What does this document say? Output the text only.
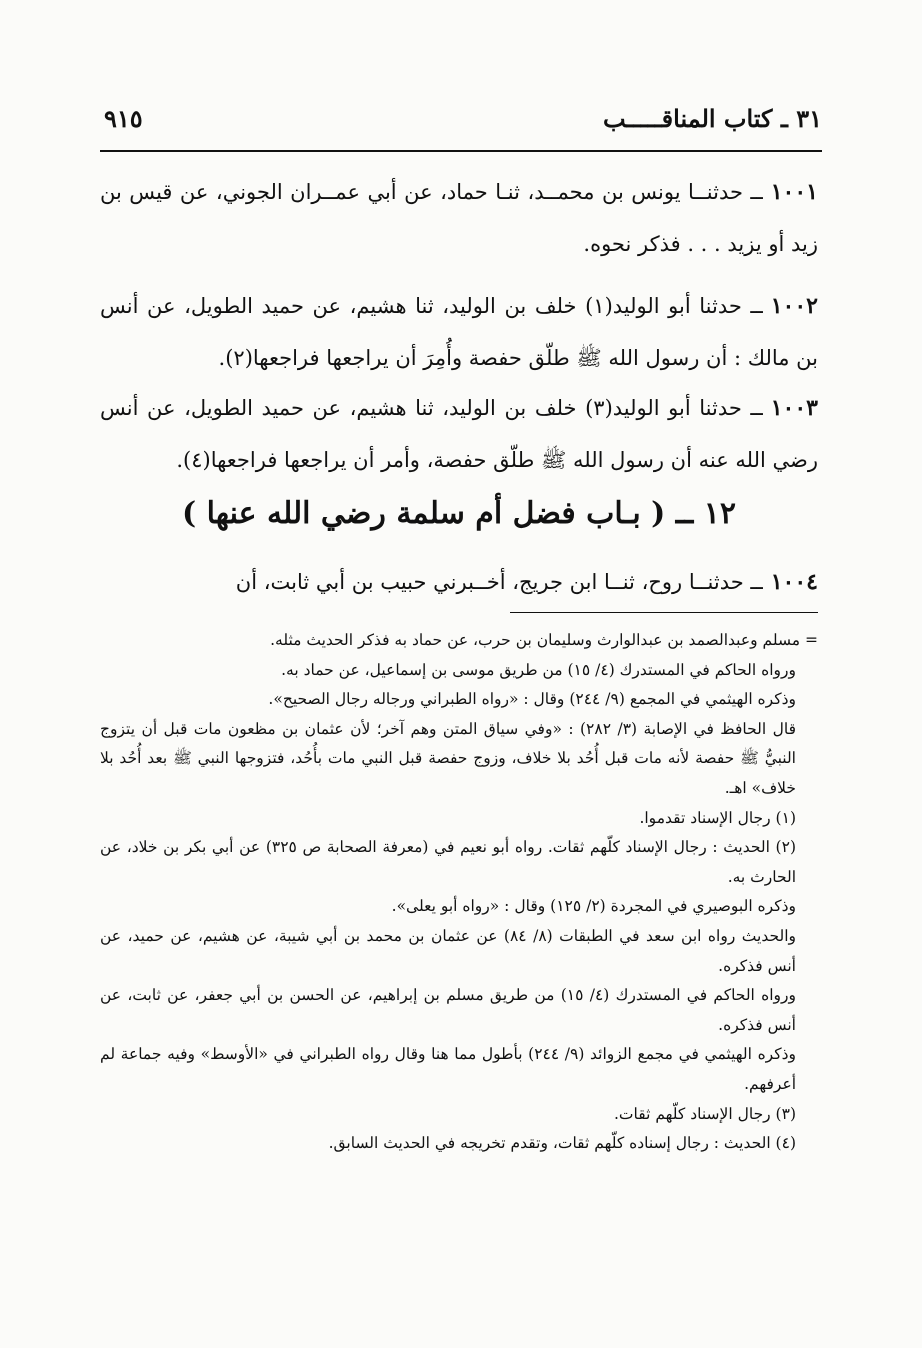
٣١ ـ كتاب المناقـــــب
٩١٥

١٠٠١ــ حدثنــا يونس بن محمــد، ثنـا حماد، عن أبي عمــران الجوني، عن قيس بن زيد أو يزيد . . . فذكر نحوه.

١٠٠٢ــ حدثنا أبو الوليد(١) خلف بن الوليد، ثنا هشيم، عن حميد الطويل، عن أنس بن مالك : أن رسول الله ﷺ طلّق حفصة وأُمِرَ أن يراجعها فراجعها(٢).

١٠٠٣ــ حدثنا أبو الوليد(٣) خلف بن الوليد، ثنا هشيم، عن حميد الطويل، عن أنس رضي الله عنه أن رسول الله ﷺ طلّق حفصة، وأمر أن يراجعها فراجعها(٤).

١٢ ــ ( بـاب فضل أم سلمة رضي الله عنها )

١٠٠٤ــ حدثنــا روح، ثنــا ابن جريج، أخــبرني حبيب بن أبي ثابت، أن

= مسلم وعبدالصمد بن عبدالوارث وسليمان بن حرب، عن حماد به فذكر الحديث مثله.

ورواه الحاكم في المستدرك (٤/ ١٥) من طريق موسى بن إسماعيل، عن حماد به.

وذكره الهيثمي في المجمع (٩/ ٢٤٤) وقال : «رواه الطبراني ورجاله رجال الصحيح».

قال الحافظ في الإصابة (٣/ ٢٨٢) : «وفي سياق المتن وهم آخر؛ لأن عثمان بن مظعون مات قبل أن يتزوج النبيُّ ﷺ حفصة لأنه مات قبل أُحُد بلا خلاف، وزوج حفصة قبل النبي مات بأُحُد، فتزوجها النبي ﷺ بعد أُحُد بلا خلاف» اهـ.

(١) رجال الإسناد تقدموا.

(٢) الحديث : رجال الإسناد كلّهم ثقات. رواه أبو نعيم في (معرفة الصحابة ص ٣٢٥) عن أبي بكر بن خلاد، عن الحارث به.

وذكره البوصيري في المجردة (٢/ ١٢٥) وقال : «رواه أبو يعلى».

والحديث رواه ابن سعد في الطبقات (٨/ ٨٤) عن عثمان بن محمد بن أبي شيبة، عن هشيم، عن حميد، عن أنس فذكره.

ورواه الحاكم في المستدرك (٤/ ١٥) من طريق مسلم بن إبراهيم، عن الحسن بن أبي جعفر، عن ثابت، عن أنس فذكره.

وذكره الهيثمي في مجمع الزوائد (٩/ ٢٤٤) بأطول مما هنا وقال رواه الطبراني في «الأوسط» وفيه جماعة لم أعرفهم.

(٣) رجال الإسناد كلّهم ثقات.

(٤) الحديث : رجال إسناده كلّهم ثقات، وتقدم تخريجه في الحديث السابق.
